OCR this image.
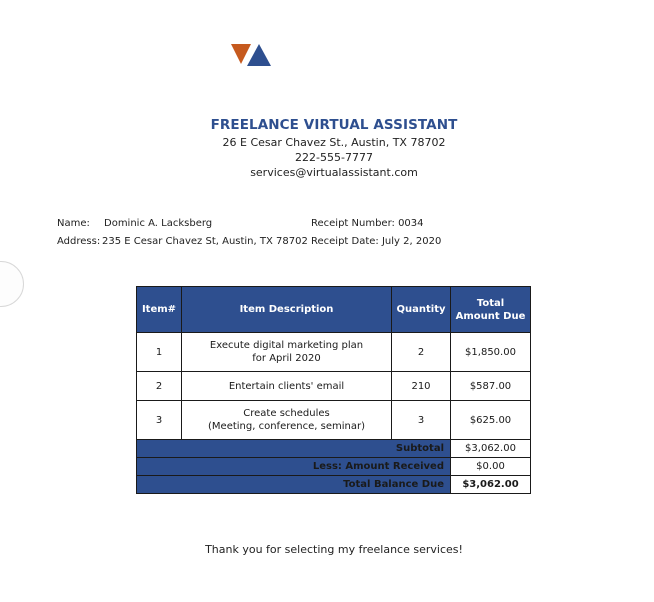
FREELANCE VIRTUAL ASSISTANT
26 E Cesar Chavez St., Austin, TX 78702
222-555-7777
services@virtualassistant.com
Name: Dominic A. Lacksberg
Address: 235 E Cesar Chavez St, Austin, TX 78702
Receipt Number: 0034
Receipt Date: July 2, 2020
Item#	Item Description	Quantity	Total
Amount Due
1	Execute digital marketing plan
for April 2020	2	$1,850.00
2	Entertain clients' email	210	$587.00
3	Create schedules
(Meeting, conference, seminar)	3	$625.00
Subtotal			$3,062.00
Less: Amount Received			$0.00
Total Balance Due			$3,062.00
Thank you for selecting my freelance services!
